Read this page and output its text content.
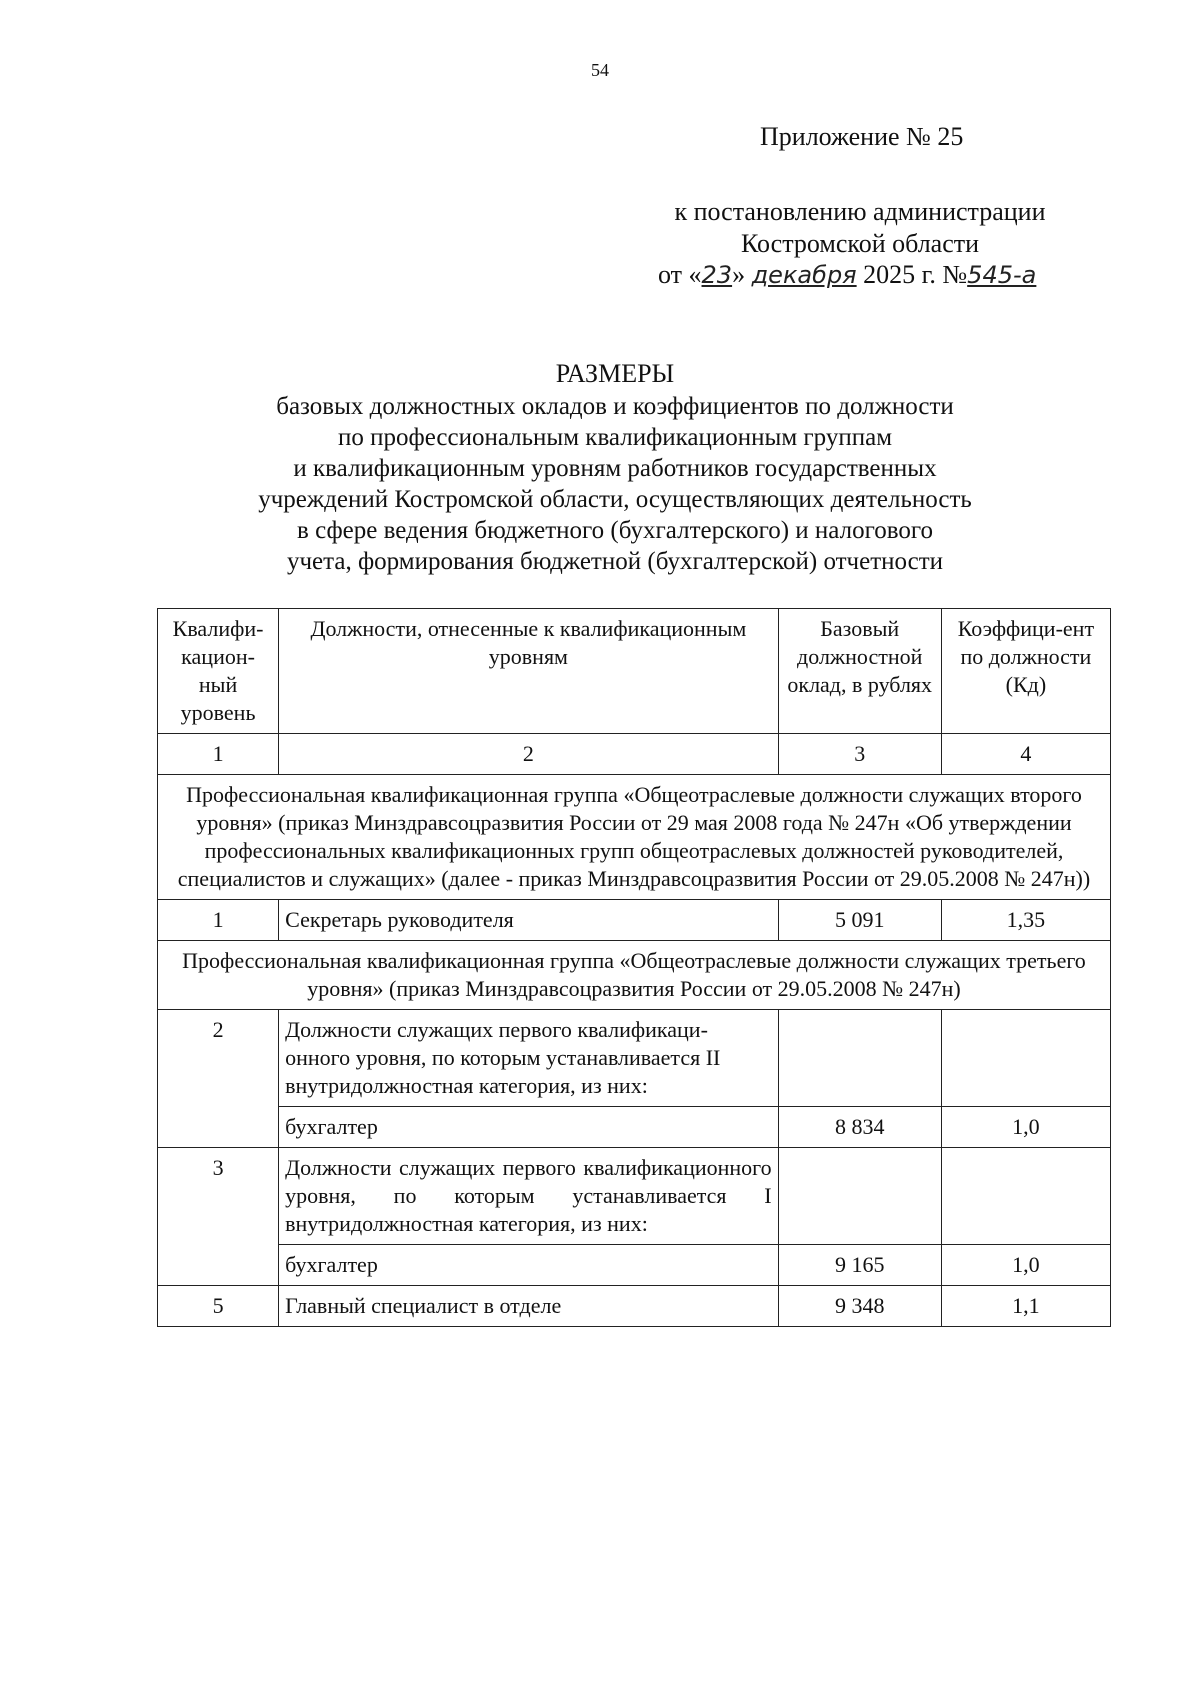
54
Приложение № 25
к постановлению администрации
Костромской области
от «23» декабря 2025 г. №545-а
РАЗМЕРЫ
базовых должностных окладов и коэффициентов по должности
по профессиональным квалификационным группам
и квалификационным уровням работников государственных
учреждений Костромской области, осуществляющих деятельность
в сфере ведения бюджетного (бухгалтерского) и налогового
учета, формирования бюджетной (бухгалтерской) отчетности
Квалифи-кацион-ный уровень	Должности, отнесенные к квалификационным уровням	Базовый должностной оклад, в рублях	Коэффици-ент по должности (Кд)
1	2	3	4
Профессиональная квалификационная группа «Общеотраслевые должности служащих второго уровня» (приказ Минздравсоцразвития России от 29 мая 2008 года № 247н «Об утверждении профессиональных квалификационных групп общеотраслевых должностей руководителей, специалистов и служащих» (далее - приказ Минздравсоцразвития России от 29.05.2008 № 247н))			
1	Секретарь руководителя	5 091	1,35
Профессиональная квалификационная группа «Общеотраслевые должности служащих третьего уровня» (приказ Минздравсоцразвития России от 29.05.2008 № 247н)			
2	Должности служащих первого квалификаци-онного уровня, по которым устанавливается II внутридолжностная категория, из них:		
	бухгалтер	8 834	1,0
3	Должности служащих первого квалификационного уровня, по которым устанавливается I внутридолжностная категория, из них:		
	бухгалтер	9 165	1,0
5	Главный специалист в отделе	9 348	1,1
